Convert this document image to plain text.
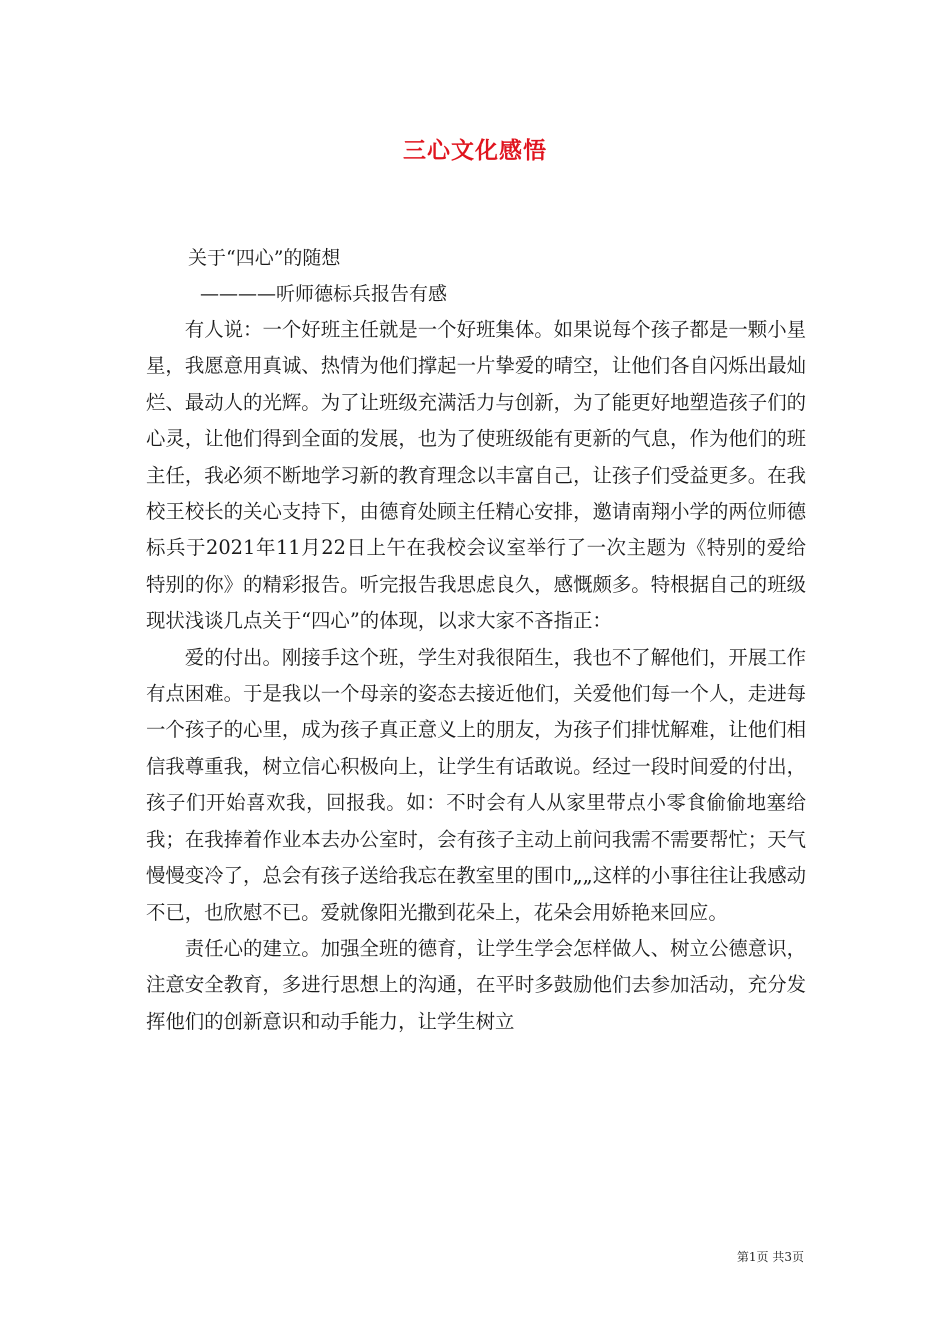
三心文化感悟
关于“四心”的随想
————听师德标兵报告有感

有人说：一个好班主任就是一个好班集体。如果说每个孩子都是一颗小星星，我愿意用真诚、热情为他们撑起一片挚爱的晴空，让他们各自闪烁出最灿烂、最动人的光辉。为了让班级充满活力与创新，为了能更好地塑造孩子们的心灵，让他们得到全面的发展，也为了使班级能有更新的气息，作为他们的班主任，我必须不断地学习新的教育理念以丰富自己，让孩子们受益更多。在我校王校长的关心支持下，由德育处顾主任精心安排，邀请南翔小学的两位师德标兵于2021年11月22日上午在我校会议室举行了一次主题为《特别的爱给特别的你》的精彩报告。听完报告我思虑良久，感慨颇多。特根据自己的班级现状浅谈几点关于“四心”的体现，以求大家不吝指正：

爱的付出。刚接手这个班，学生对我很陌生，我也不了解他们，开展工作有点困难。于是我以一个母亲的姿态去接近他们，关爱他们每一个人，走进每一个孩子的心里，成为孩子真正意义上的朋友，为孩子们排忧解难，让他们相信我尊重我，树立信心积极向上，让学生有话敢说。经过一段时间爱的付出，孩子们开始喜欢我，回报我。如：不时会有人从家里带点小零食偷偷地塞给我；在我捧着作业本去办公室时，会有孩子主动上前问我需不需要帮忙；天气慢慢变冷了，总会有孩子送给我忘在教室里的围巾„„这样的小事往往让我感动不已，也欣慰不已。爱就像阳光撒到花朵上，花朵会用娇艳来回应。

责任心的建立。加强全班的德育，让学生学会怎样做人、树立公德意识，注意安全教育，多进行思想上的沟通，在平时多鼓励他们去参加活动，充分发挥他们的创新意识和动手能力，让学生树立

第1页 共3页
